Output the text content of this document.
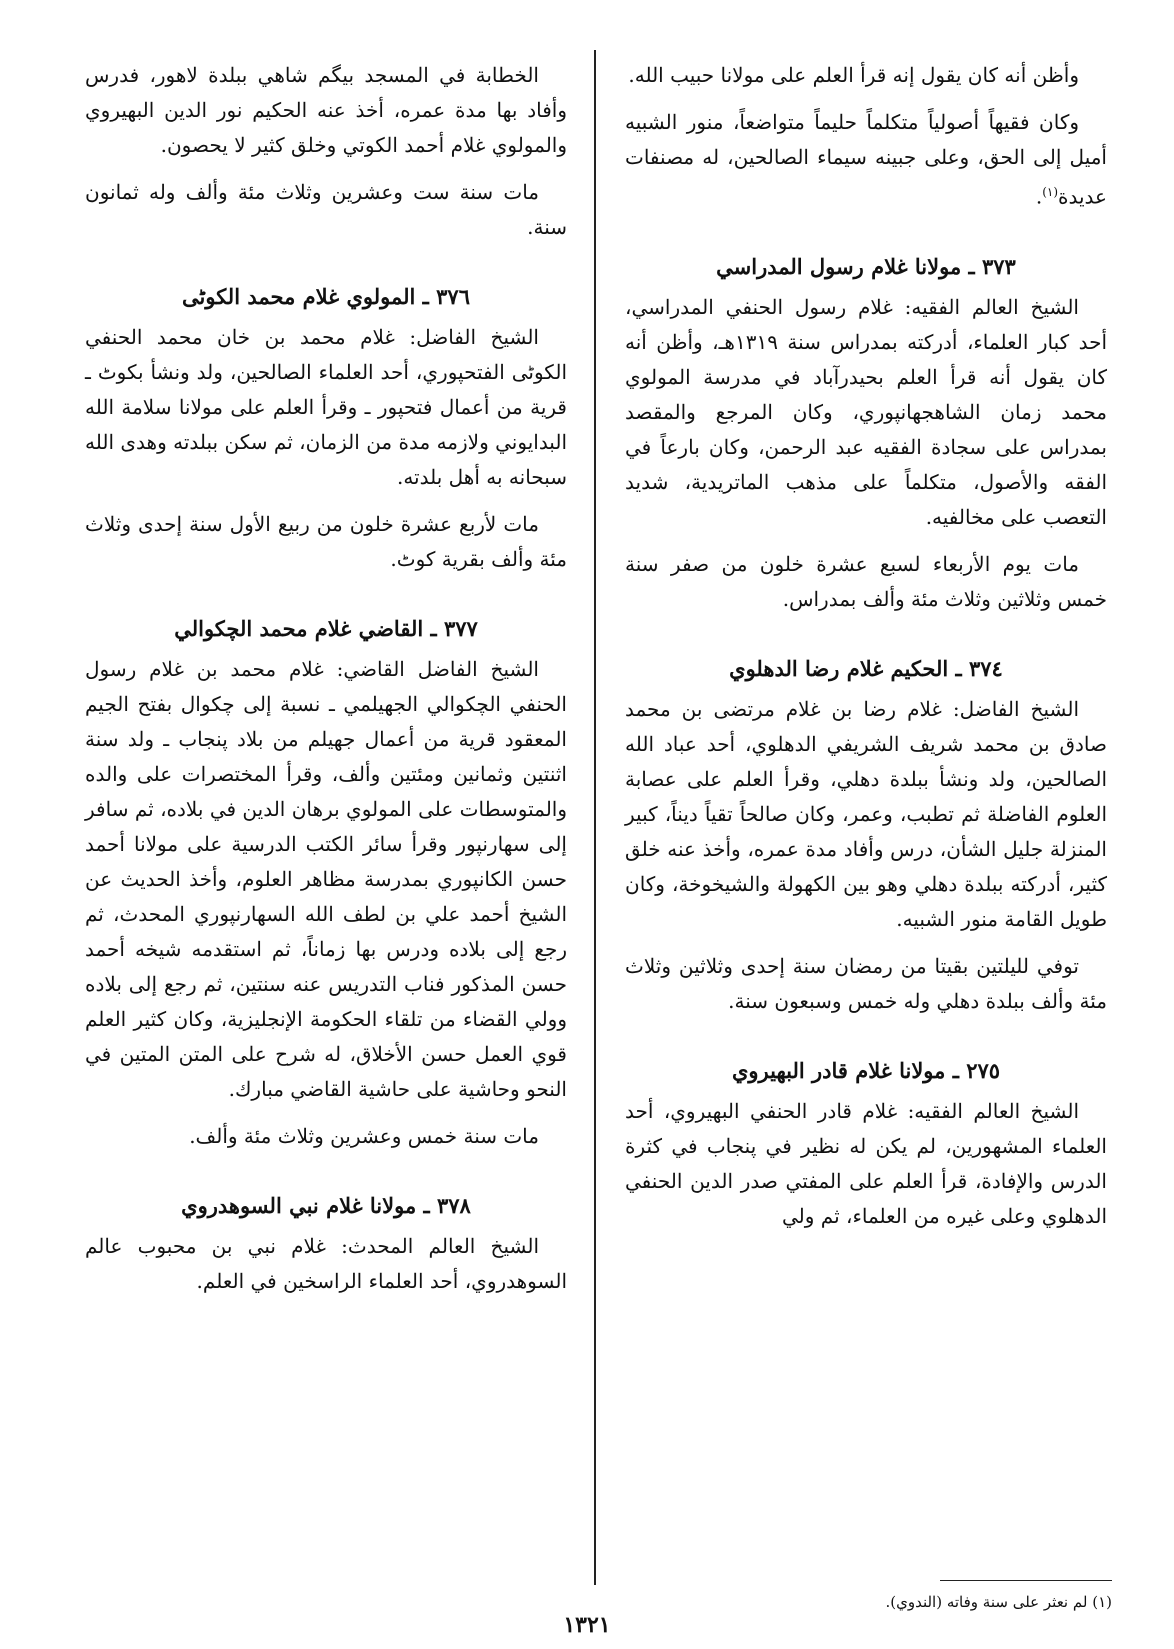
وأظن أنه كان يقول إنه قرأ العلم على مولانا حبيب الله.

وكان فقيهاً أصولياً متكلماً حليماً متواضعاً، منور الشبيه أميل إلى الحق، وعلى جبينه سيماء الصالحين، له مصنفات عديدة$^{(١)}$.

٣٧٣ ـ مولانا غلام رسول المدراسي

الشيخ العالم الفقيه: غلام رسول الحنفي المدراسي، أحد كبار العلماء، أدركته بمدراس سنة ١٣١٩هـ، وأظن أنه كان يقول أنه قرأ العلم بحيدرآباد في مدرسة المولوي محمد زمان الشاهجهانپوري، وكان المرجع والمقصد بمدراس على سجادة الفقيه عبد الرحمن، وكان بارعاً في الفقه والأصول، متكلماً على مذهب الماتريدية، شديد التعصب على مخالفيه.

مات يوم الأربعاء لسبع عشرة خلون من صفر سنة خمس وثلاثين وثلاث مئة وألف بمدراس.

٣٧٤ ـ الحكيم غلام رضا الدهلوي

الشيخ الفاضل: غلام رضا بن غلام مرتضى بن محمد صادق بن محمد شريف الشريفي الدهلوي، أحد عباد الله الصالحين، ولد ونشأ ببلدة دهلي، وقرأ العلم على عصابة العلوم الفاضلة ثم تطبب، وعمر، وكان صالحاً تقياً ديناً، كبير المنزلة جليل الشأن، درس وأفاد مدة عمره، وأخذ عنه خلق كثير، أدركته ببلدة دهلي وهو بين الكهولة والشيخوخة، وكان طويل القامة منور الشبيه.

توفي لليلتين بقيتا من رمضان سنة إحدى وثلاثين وثلاث مئة وألف ببلدة دهلي وله خمس وسبعون سنة.

٢٧٥ ـ مولانا غلام قادر البهيروي

الشيخ العالم الفقيه: غلام قادر الحنفي البهيروي، أحد العلماء المشهورين، لم يكن له نظير في پنجاب في كثرة الدرس والإفادة، قرأ العلم على المفتي صدر الدين الحنفي الدهلوي وعلى غيره من العلماء، ثم ولي

الخطابة في المسجد بيگم شاهي ببلدة لاهور، فدرس وأفاد بها مدة عمره، أخذ عنه الحكيم نور الدين البهيروي والمولوي غلام أحمد الكوتي وخلق كثير لا يحصون.

مات سنة ست وعشرين وثلاث مئة وألف وله ثمانون سنة.

٣٧٦ ـ المولوي غلام محمد الكوٹی

الشيخ الفاضل: غلام محمد بن خان محمد الحنفي الكوٹی الفتحپوري، أحد العلماء الصالحين، ولد ونشأ بكوٹ ـ قرية من أعمال فتحپور ـ وقرأ العلم على مولانا سلامة الله البدايوني ولازمه مدة من الزمان، ثم سكن ببلدته وهدى الله سبحانه به أهل بلدته.

مات لأربع عشرة خلون من ربيع الأول سنة إحدى وثلاث مئة وألف بقرية كوٹ.

٣٧٧ ـ القاضي غلام محمد الچكوالي

الشيخ الفاضل القاضي: غلام محمد بن غلام رسول الحنفي الچكوالي الجهيلمي ـ نسبة إلى چكوال بفتح الجيم المعقود قرية من أعمال جهيلم من بلاد پنجاب ـ ولد سنة اثنتين وثمانين ومئتين وألف، وقرأ المختصرات على والده والمتوسطات على المولوي برهان الدين في بلاده، ثم سافر إلى سهارنپور وقرأ سائر الكتب الدرسية على مولانا أحمد حسن الكانپوري بمدرسة مظاهر العلوم، وأخذ الحديث عن الشيخ أحمد علي بن لطف الله السهارنپوري المحدث، ثم رجع إلى بلاده ودرس بها زماناً، ثم استقدمه شيخه أحمد حسن المذكور فناب التدريس عنه سنتين، ثم رجع إلى بلاده وولي القضاء من تلقاء الحكومة الإنجليزية، وكان كثير العلم قوي العمل حسن الأخلاق، له شرح على المتن المتين في النحو وحاشية على حاشية القاضي مبارك.

مات سنة خمس وعشرين وثلاث مئة وألف.

٣٧٨ ـ مولانا غلام نبي السوهدروي

الشيخ العالم المحدث: غلام نبي بن محبوب عالم السوهدروي، أحد العلماء الراسخين في العلم.

(١) لم نعثر على سنة وفاته (الندوي).
١٣٢١
